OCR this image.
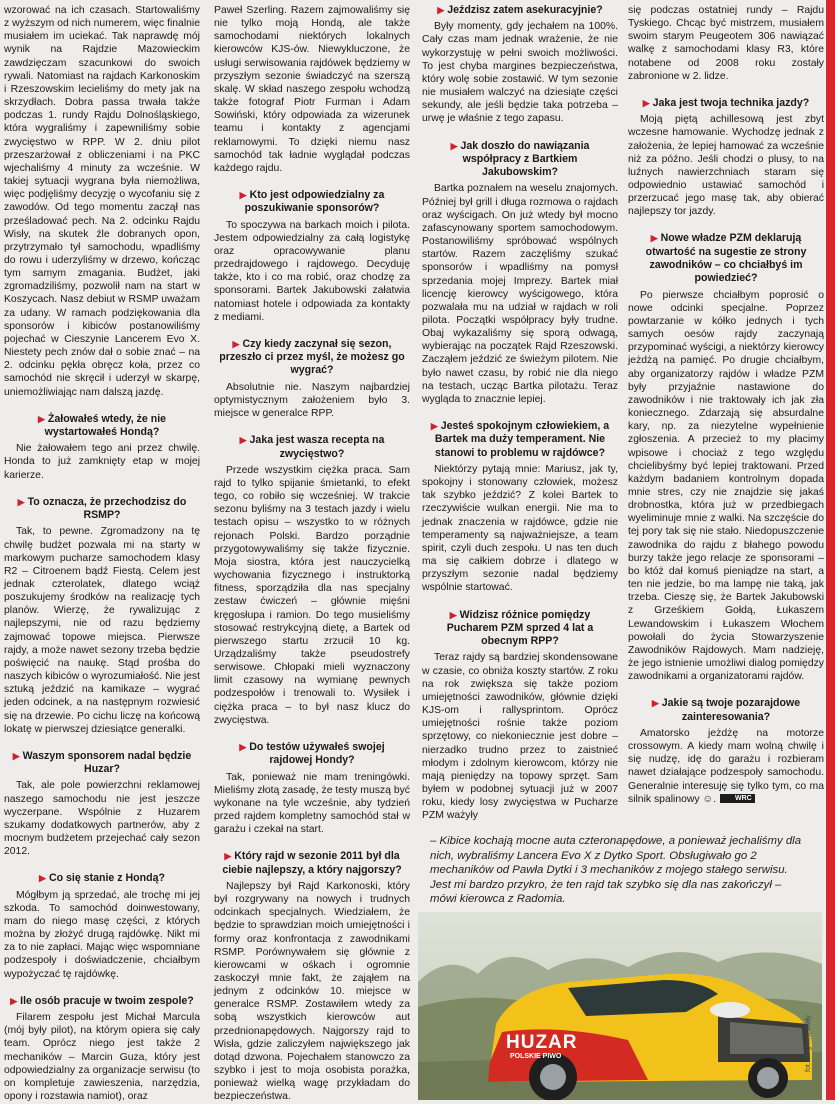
wzorować na ich czasach. Startowaliśmy z wyższym od nich numerem, więc finalnie musiałem im uciekać. Tak naprawdę mój wynik na Rajdzie Mazowieckim zawdzięczam szacunkowi do swoich rywali. Natomiast na rajdach Karkonoskim i Rzeszowskim lecieliśmy do mety jak na skrzydłach. Dobra passa trwała także podczas 1. rundy Rajdu Dolnośląskiego, która wygraliśmy i zapewniliśmy sobie zwycięstwo w RPP. W 2. dniu pilot przeszarżował z obliczeniami i na PKC wjechaliśmy 4 minuty za wcześnie. W takiej sytuacji wygrana była niemożliwa, więc podjęliśmy decyzję o wycofaniu się z zawodów. Od tego momentu zaczął nas prześladować pech. Na 2. odcinku Rajdu Wisły, na skutek źle dobranych opon, przytrzymało tył samochodu, wpadliśmy do rowu i uderzyliśmy w drzewo, kończąc tym samym zmagania. Budżet, jaki zgromadziliśmy, pozwolił nam na start w Koszycach. Nasz debiut w RSMP uważam za udany. W ramach podziękowania dla sponsorów i kibiców postanowiliśmy pojechać w Cieszynie Lancerem Evo X. Niestety pech znów dał o sobie znać – na 2. odcinku pękła obręcz koła, przez co samochód nie skręcił i uderzył w skarpę, uniemożliwiając nam dalszą jazdę.

▶ Żałowałeś wtedy, że nie wystartowałeś Hondą?

Nie żałowałem tego ani przez chwilę. Honda to już zamknięty etap w mojej karierze.

▶ To oznacza, że przechodzisz do RSMP?

Tak, to pewne. Zgromadzony na tę chwilę budżet pozwala mi na starty w markowym pucharze samochodem klasy R2 – Citroenem bądź Fiestą. Celem jest jednak czterolatek, dlatego wciąż poszukujemy środków na realizację tych planów. Wierzę, że rywalizując z najlepszymi, nie od razu będziemy zajmować topowe miejsca. Pierwsze rajdy, a może nawet sezony trzeba będzie poświęcić na naukę. Stąd prośba do naszych kibiców o wyrozumiałość. Nie jest sztuką jeździć na kamikaze – wygrać jeden odcinek, a na następnym rozwiesić się na drzewie. Po cichu liczę na końcową lokatę w pierwszej dziesiątce generalki.

▶ Waszym sponsorem nadal będzie Huzar?

Tak, ale pole powierzchni reklamowej naszego samochodu nie jest jeszcze wyczerpane. Wspólnie z Huzarem szukamy dodatkowych partnerów, aby z mocnym budżetem przejechać cały sezon 2012.

▶ Co się stanie z Hondą?

Mógłbym ją sprzedać, ale trochę mi jej szkoda. To samochód doinwestowany, mam do niego masę części, z których można by złożyć drugą rajdówkę. Nikt mi za to nie zapłaci. Mając więc wspomniane podzespoły i doświadczenie, chciałbym wypożyczać tę rajdówkę.

▶ Ile osób pracuje w twoim zespole?

Filarem zespołu jest Michał Marcula (mój były pilot), na którym opiera się cały team. Oprócz niego jest także 2 mechaników – Marcin Guza, który jest odpowiedzialny za organizacje serwisu (to on kompletuje zawieszenia, narzędzia, opony i rozstawia namiot), oraz

Paweł Szerling. Razem zajmowaliśmy się nie tylko moją Hondą, ale także samochodami niektórych lokalnych kierowców KJS-ów. Niewykluczone, że usługi serwisowania rajdówek będziemy w przyszłym sezonie świadczyć na szerszą skalę. W skład naszego zespołu wchodzą także fotograf Piotr Furman i Adam Sowiński, który odpowiada za wizerunek teamu i kontakty z agencjami reklamowymi. To dzięki niemu nasz samochód tak ładnie wyglądał podczas każdego rajdu.

▶ Kto jest odpowiedzialny za poszukiwanie sponsorów?

To spoczywa na barkach moich i pilota. Jestem odpowiedzialny za całą logistykę oraz opracowywanie planu przedrajdowego i rajdowego. Decyduję także, kto i co ma robić, oraz chodzę za sponsorami. Bartek Jakubowski załatwia natomiast hotele i odpowiada za kontakty z mediami.

▶ Czy kiedy zaczynał się sezon, przeszło ci przez myśl, że możesz go wygrać?

Absolutnie nie. Naszym najbardziej optymistycznym założeniem było 3. miejsce w generalce RPP.

▶ Jaka jest wasza recepta na zwycięstwo?

Przede wszystkim ciężka praca. Sam rajd to tylko spijanie śmietanki, to efekt tego, co robiło się wcześniej. W trakcie sezonu byliśmy na 3 testach jazdy i wielu testach opisu – wszystko to w różnych rejonach Polski. Bardzo porządnie przygotowywaliśmy się także fizycznie. Moja siostra, która jest nauczycielką wychowania fizycznego i instruktorką fitness, sporządziła dla nas specjalny zestaw ćwiczeń – głównie mięśni kręgosłupa i ramion. Do tego musieliśmy stosować restrykcyjną dietę, a Bartek od pierwszego startu zrzucił 10 kg. Urządzaliśmy także pseudostrefy serwisowe. Chłopaki mieli wyznaczony limit czasowy na wymianę pewnych podzespołów i trenowali to. Wysiłek i ciężka praca – to był nasz klucz do zwycięstwa.

▶ Do testów używałeś swojej rajdowej Hondy?

Tak, ponieważ nie mam treningówki. Mieliśmy złotą zasadę, że testy muszą być wykonane na tyle wcześnie, aby tydzień przed rajdem kompletny samochód stał w garażu i czekał na start.

▶ Który rajd w sezonie 2011 był dla ciebie najlepszy, a który najgorszy?

Najlepszy był Rajd Karkonoski, który był rozgrywany na nowych i trudnych odcinkach specjalnych. Wiedziałem, że będzie to sprawdzian moich umiejętności i formy oraz konfrontacja z zawodnikami RSMP. Porównywałem się głównie z kierowcami w ośkach i ogromnie zaskoczył mnie fakt, że zająłem na jednym z odcinków 10. miejsce w generalce RSMP. Zostawiłem wtedy za sobą wszystkich kierowców aut przednionapędowych. Najgorszy rajd to Wisła, gdzie zaliczyłem największego jak dotąd dzwona. Pojechałem stanowczo za szybko i jest to moja osobista porażka, ponieważ wielką wagę przykładam do bezpieczeństwa.

▶ Jeździsz zatem asekuracyjnie?

Były momenty, gdy jechałem na 100%. Cały czas mam jednak wrażenie, że nie wykorzystuję w pełni swoich możliwości. To jest chyba margines bezpieczeństwa, który wolę sobie zostawić. W tym sezonie nie musiałem walczyć na dziesiąte części sekundy, ale jeśli będzie taka potrzeba – urwę je właśnie z tego zapasu.

▶ Jak doszło do nawiązania współpracy z Bartkiem Jakubowskim?

Bartka poznałem na weselu znajomych. Później był grill i długa rozmowa o rajdach oraz wyścigach. On już wtedy był mocno zafascynowany sportem samochodowym. Postanowiliśmy spróbować wspólnych startów. Razem zaczęliśmy szukać sponsorów i wpadliśmy na pomysł sprzedania mojej Imprezy. Bartek miał licencję kierowcy wyścigowego, która pozwalała mu na udział w rajdach w roli pilota. Początki współpracy były trudne. Obaj wykazaliśmy się sporą odwagą, wybierając na początek Rajd Rzeszowski. Zacząłem jeździć ze świeżym pilotem. Nie było nawet czasu, by robić nie dla niego na testach, ucząc Bartka pilotażu. Teraz wygląda to znacznie lepiej.

▶ Jesteś spokojnym człowiekiem, a Bartek ma duży temperament. Nie stanowi to problemu w rajdówce?

Niektórzy pytają mnie: Mariusz, jak ty, spokojny i stonowany człowiek, możesz tak szybko jeździć? Z kolei Bartek to rzeczywiście wulkan energii. Nie ma to jednak znaczenia w rajdówce, gdzie nie temperamenty są najważniejsze, a team spirit, czyli duch zespołu. U nas ten duch ma się całkiem dobrze i dlatego w przyszłym sezonie nadal będziemy wspólnie startować.

▶ Widzisz różnice pomiędzy Pucharem PZM sprzed 4 lat a obecnym RPP?

Teraz rajdy są bardziej skondensowane w czasie, co obniża koszty startów. Z roku na rok zwiększa się także poziom umiejętności zawodników, głównie dzięki KJS-om i rallysprintom. Oprócz umiejętności rośnie także poziom sprzętowy, co niekoniecznie jest dobre – nierzadko trudno przez to zaistnieć młodym i zdolnym kierowcom, którzy nie mają pieniędzy na topowy sprzęt. Sam byłem w podobnej sytuacji już w 2007 roku, kiedy losy zwycięstwa w Pucharze PZM ważyły

się podczas ostatniej rundy – Rajdu Tyskiego. Chcąc być mistrzem, musiałem swoim starym Peugeotem 306 nawiązać walkę z samochodami klasy R3, które notabene od 2008 roku zostały zabronione w 2. lidze.

▶ Jaka jest twoja technika jazdy?

Moją piętą achillesową jest zbyt wczesne hamowanie. Wychodzę jednak z założenia, że lepiej hamować za wcześnie niż za późno. Jeśli chodzi o plusy, to na luźnych nawierzchniach staram się odpowiednio ustawiać samochód i przerzucać jego masę tak, aby obierać najlepszy tor jazdy.

▶ Nowe władze PZM deklarują otwartość na sugestie ze strony zawodników – co chciałbyś im powiedzieć?

Po pierwsze chciałbym poprosić o nowe odcinki specjalne. Poprzez powtarzanie w kółko jednych i tych samych oesów rajdy zaczynają przypominać wyścigi, a niektórzy kierowcy jeżdżą na pamięć. Po drugie chciałbym, aby organizatorzy rajdów i władze PZM były przyjaźnie nastawione do zawodników i nie traktowały ich jak zła koniecznego. Zdarzają się absurdalne kary, np. za niezytelne wypełnienie zgłoszenia. A przecież to my płacimy wpisowe i chociaż z tego względu chcielibyśmy być lepiej traktowani. Przed każdym badaniem kontrolnym dopada mnie stres, czy nie znajdzie się jakaś drobnostka, która już w przedbiegach wyeliminuje mnie z walki. Na szczęście do tej pory tak się nie stało. Niedopuszczenie zawodnika do rajdu z błahego powodu burzy także jego relacje ze sponsorami – bo któż dał komuś pieniądze na start, a ten nie jedzie, bo ma lampę nie taką, jak trzeba. Cieszę się, że Bartek Jakubowski z Grześkiem Gołdą, Łukaszem Lewandowskim i Łukaszem Włochem powołali do życia Stowarzyszenie Zawodników Rajdowych. Mam nadzieję, że jego istnienie umożliwi dialog pomiędzy zawodnikami a organizatorami rajdów.

▶ Jakie są twoje pozarajdowe zainteresowania?

Amatorsko jeżdżę na motorze crossowym. A kiedy mam wolną chwilę i się nudzę, idę do garażu i rozbieram nawet działające podzespoły samochodu. Generalnie interesuję się tylko tym, co ma silnik spalinowy ☺.	WRC

– Kibice kochają mocne auta czteronapędowe, a ponieważ jechaliśmy dla nich, wybraliśmy Lancera Evo X z Dytko Sport. Obsługiwało go 2 mechaników od Pawła Dytki i 3 mechaników z mojego stałego serwisu. Jest mi bardzo przykro, że ten rajd tak szybko się dla nas zakończył – mówi kierowca z Radomia.
HUZAR
POLSKIE PIWO	fot. Zbigniew Biały
